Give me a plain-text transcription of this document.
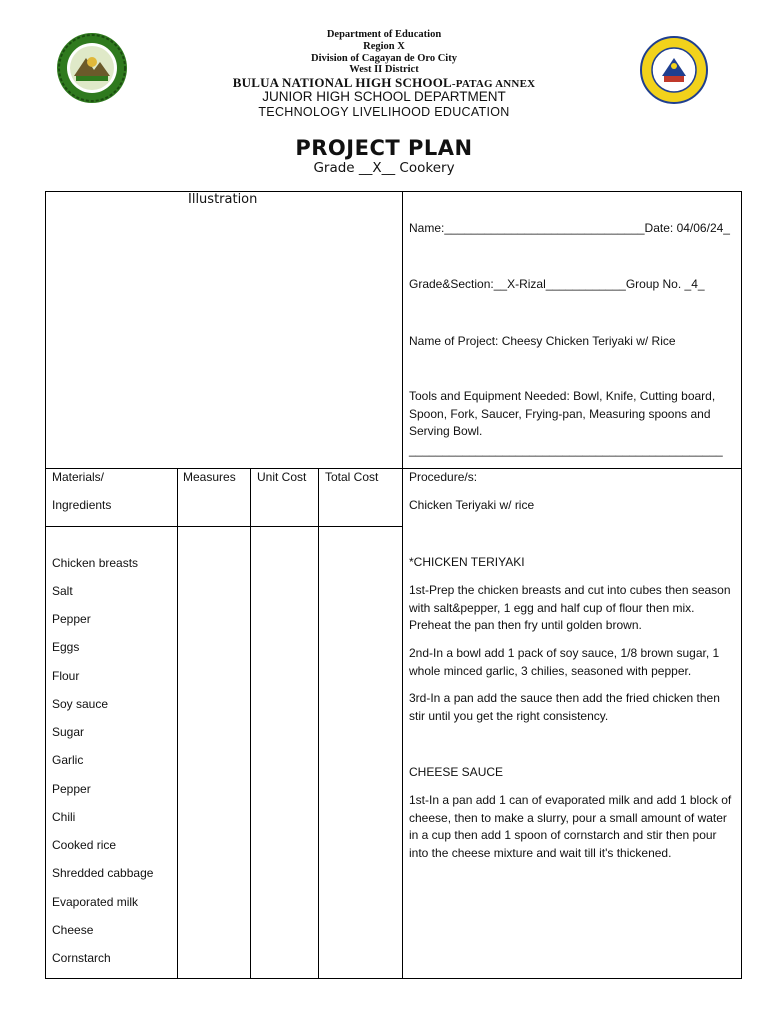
Department of Education
Region X
Division of Cagayan de Oro City
West II District
BULUA NATIONAL HIGH SCHOOL-PATAG ANNEX
JUNIOR HIGH SCHOOL DEPARTMENT
TECHNOLOGY LIVELIHOOD EDUCATION
PROJECT PLAN
Grade __X__ Cookery
Illustration
Name:______________________________Date: 04/06/24_
Grade&Section:__X-Rizal____________Group No. _4_
Name of Project: Cheesy Chicken Teriyaki w/ Rice
Tools and Equipment Needed: Bowl, Knife, Cutting board, Spoon, Fork, Saucer, Frying-pan, Measuring spoons and Serving Bowl.
_______________________________________________
Materials/
Ingredients
Measures Unit Cost Total Cost
Chicken breasts
Salt
Pepper
Eggs
Flour
Soy sauce
Sugar
Garlic
Pepper
Chili
Cooked rice
Shredded cabbage
Evaporated milk
Cheese
Cornstarch
Procedure/s:
Chicken Teriyaki w/ rice
*CHICKEN TERIYAKI
1st-Prep the chicken breasts and cut into cubes then season with salt&pepper, 1 egg and half cup of flour then mix. Preheat the pan then fry until golden brown.
2nd-In a bowl add 1 pack of soy sauce, 1/8 brown sugar, 1 whole minced garlic, 3 chilies, seasoned with pepper.
3rd-In a pan add the sauce then add the fried chicken then stir until you get the right consistency.
CHEESE SAUCE
1st-In a pan add 1 can of evaporated milk and add 1 block of cheese, then to make a slurry, pour a small amount of water in a cup then add 1 spoon of cornstarch and stir then pour into the cheese mixture and wait till it's thickened.
